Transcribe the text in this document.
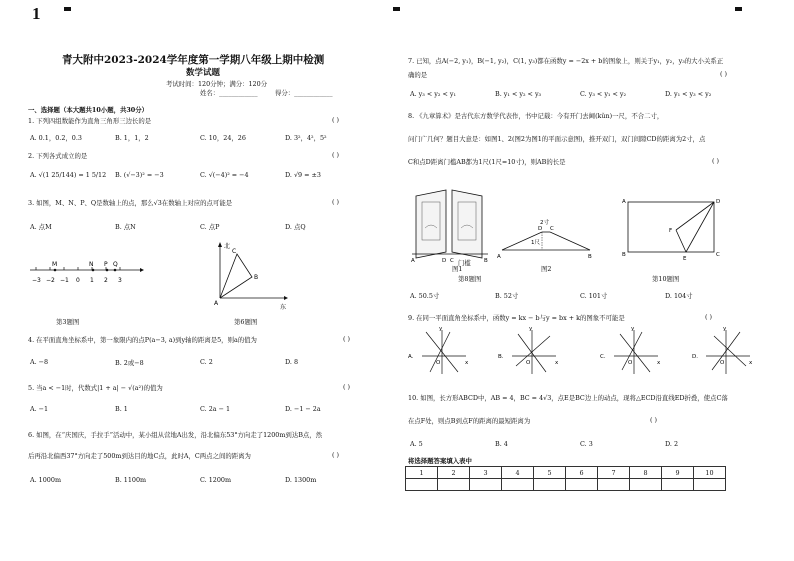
1
青大附中2023-2024学年度第一学期八年级上期中检测
数学试题
考试时间：120分钟；满分：120分
姓名：____________	得分：____________
一、选择题（本大题共10小题，共30分）
1. 下列四组数能作为直角三角形三边长的是	( )
A. 0.1，0.2，0.3	B. 1，1，2	C. 10，24，26	D. 3²，4²，5²
2. 下列各式成立的是	( )
A. √(1 25/144) = 1 5/12 B. (√−3)² = −3	C. √(−4)² = −4	D. √9 = ±3
3. 如图，M、N、P、Q是数轴上的点，那么√3在数轴上对应的点可能是	( )
A. 点M	B. 点N	C. 点P	D. 点Q
M	N P Q
−3 −2 −1 0 1 2 3
第3题图
北
东
A
B
C
第6题图
4. 在平面直角坐标系中，第一象限内的点P(a−3, a)到y轴的距离是5，则a的值为	( )
A. −8	B. 2或−8	C. 2	D. 8
5. 当a < −1时，代数式|1 + a| − √(a²)的值为	( )
A. −1	B. 1	C. 2a − 1	D. −1 − 2a
6. 如图，在“庆国庆，手拉手”活动中，某小组从营地A出发，沿北偏东53°方向走了1200m到达B点，然
后再沿北偏西37°方向走了500m到达目的地C点，此时A，C两点之间的距离为	( )
A. 1000m	B. 1100m	C. 1200m	D. 1300m
7. 已知，点A(−2, y₁)，B(−1, y₂)，C(1, y₃)都在函数y = −2x + b的图象上，则关于y₁，y₂，y₃的大小关系正
确的是	( )
A. y₃ < y₂ < y₁	B. y₁ < y₂ < y₃	C. y₃ < y₁ < y₂	D. y₁ < y₃ < y₂
8. 《九章算术》是古代东方数学代表作，书中记载：今有开门去阃(kǔn)一尺，不合二寸，
问门广几何？题目大意是：如图1、2(图2为图1的平面示意图)，推开双门，双门间隙CD的距离为2寸，点
C和点D距离门槛AB都为1尺(1尺=10寸)，则AB的长是	( )
A	D C	B
门槛
图1
A	B
D C
2寸
1尺
图2
第8题图
A	D
B	C
E
F
第10题图
A. 50.5寸	B. 52寸	C. 101寸	D. 104寸
9. 在同一平面直角坐标系中，函数y = kx − b与y = bx + k的图象不可能是	( )
A.
y
O	x
B.
y
O	x
C.
y
O	x
D.
y
O	x
10. 如图，长方形ABCD中，AB = 4，BC = 4√3，点E是BC边上的动点，现将△ECD沿直线ED折叠，使点C落
在点F处，则点B到点F的距离的最短距离为	( )
A. 5	B. 4	C. 3	D. 2
将选择题答案填入表中
1	2	3	4	5	6	7	8	9	10
